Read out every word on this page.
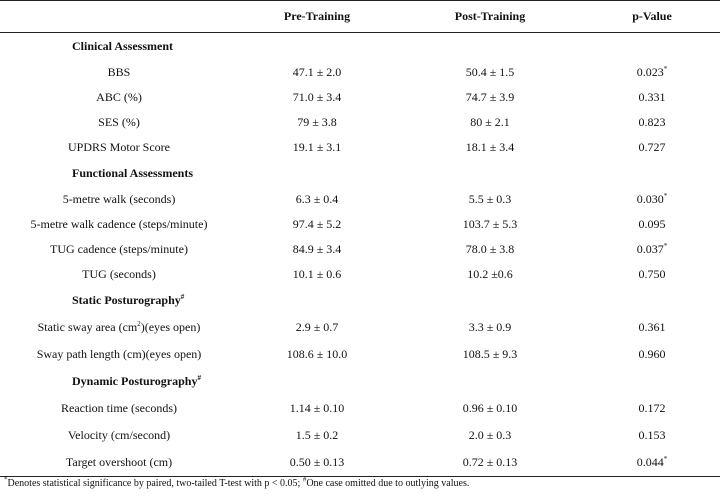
	Pre-Training	Post-Training	p-Value
Clinical Assessment			
BBS	47.1 ± 2.0	50.4 ± 1.5	0.023*
ABC (%)	71.0 ± 3.4	74.7 ± 3.9	0.331
SES (%)	79 ± 3.8	80 ± 2.1	0.823
UPDRS Motor Score	19.1 ± 3.1	18.1 ± 3.4	0.727
Functional Assessments			
5-metre walk (seconds)	6.3 ± 0.4	5.5 ± 0.3	0.030*
5-metre walk cadence (steps/minute)	97.4 ± 5.2	103.7 ± 5.3	0.095
TUG cadence (steps/minute)	84.9 ± 3.4	78.0 ± 3.8	0.037*
TUG (seconds)	10.1 ± 0.6	10.2 ±0.6	0.750
Static Posturography#
Static sway area $(cm^2)(eyes$ open)	2.9 ± 0.7	3.3 ± 0.9	0.361
Sway path length (cm)(eyes open)	108.6 ± 10.0	108.5 ± 9.3	0.960
Dynamic Posturography#
Reaction time (seconds)	1.14 ± 0.10	0.96 ± 0.10	0.172
Velocity (cm/second)	1.5 ± 0.2	2.0 ± 0.3	0.153
Target overshoot (cm)	0.50 ± 0.13	0.72 ± 0.13	0.044*
*Denotes statistical significance by paired, two-tailed T-test with p < 0.05; #One case omitted due to outlying values.
